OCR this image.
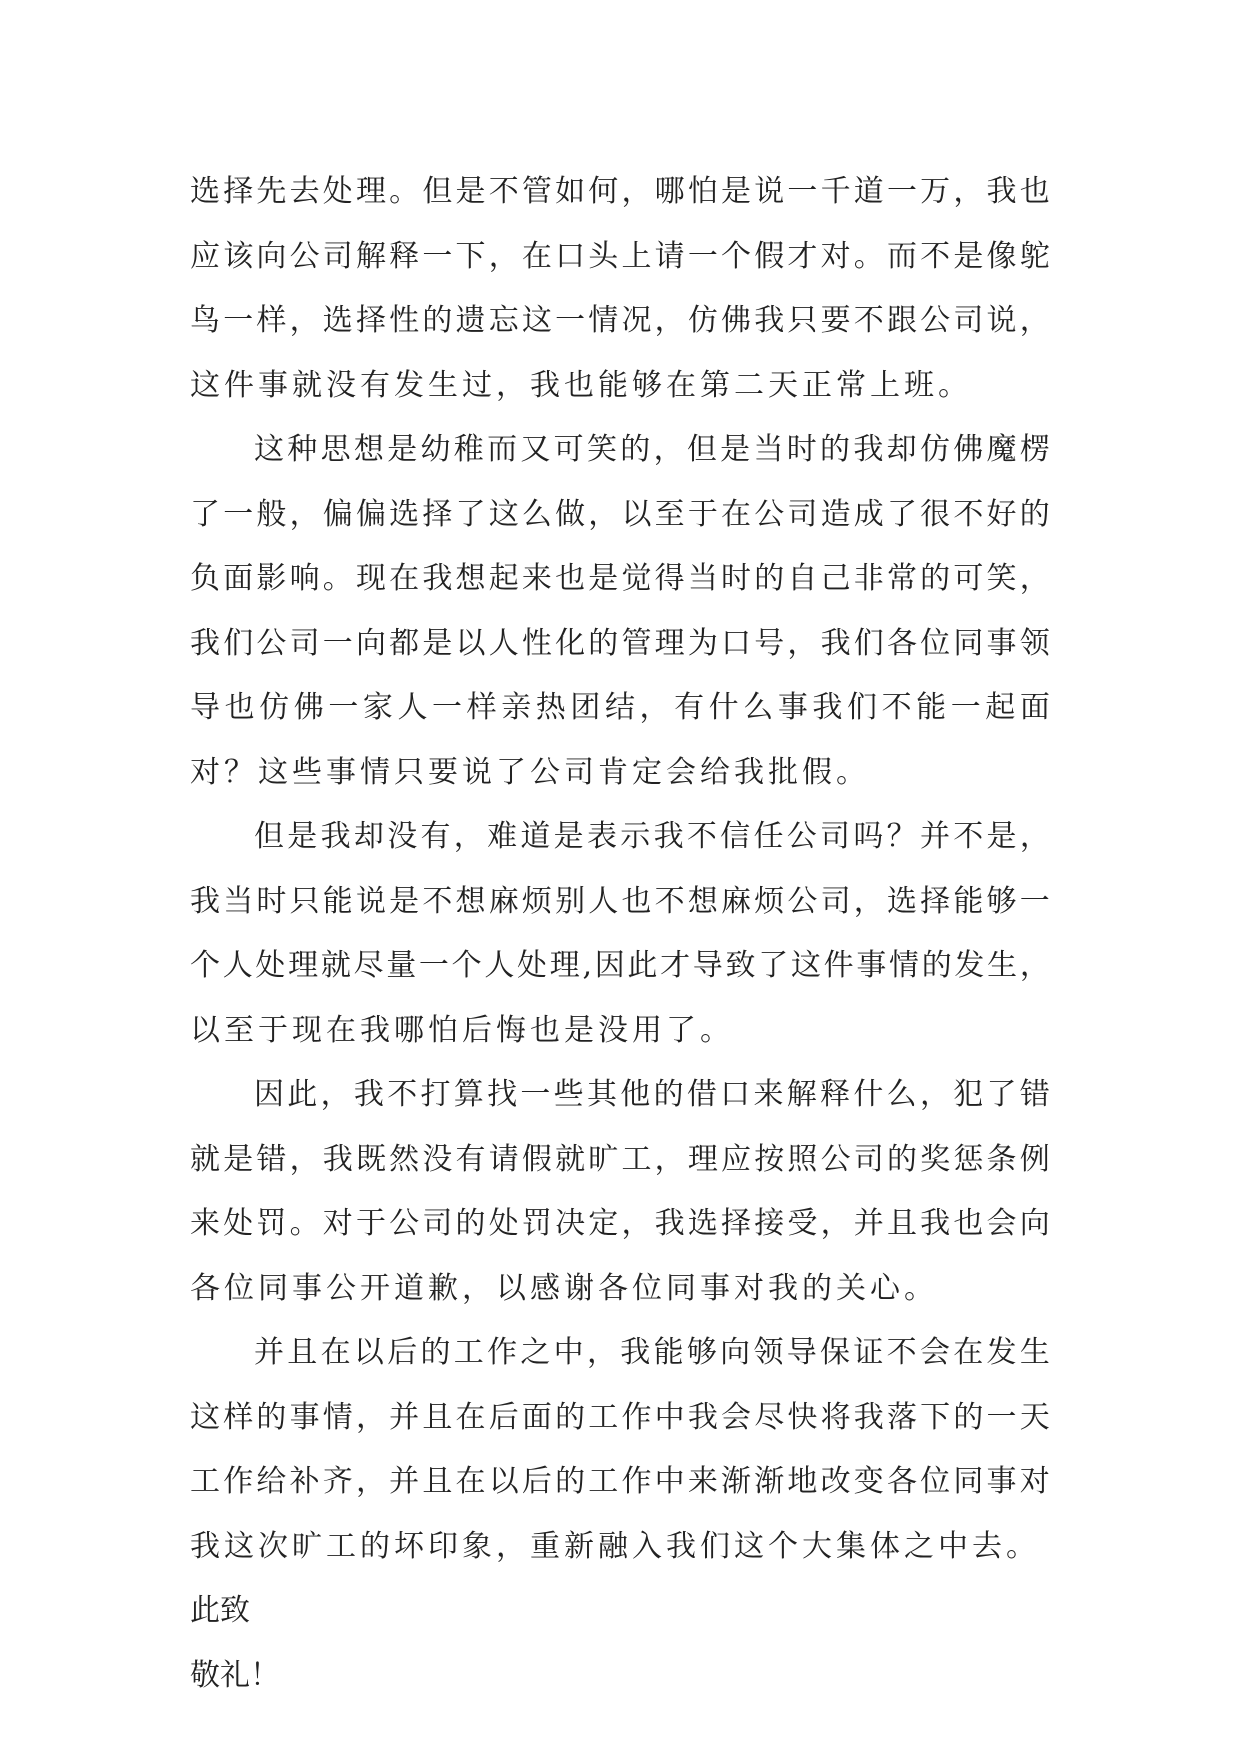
选 择 先 去 处 理 。 但 是 不 管 如 何 ， 哪 怕 是 说 一 千 道 一 万 ， 我 也
应 该 向 公 司 解 释 一 下 ， 在 口 头 上 请 一 个 假 才 对 。 而 不 是 像 鸵
鸟 一 样 ， 选 择 性 的 遗 忘 这 一 情 况 ， 仿 佛 我 只 要 不 跟 公 司 说 ，
这 件 事 就 没 有 发 生 过 ， 我 也 能 够 在 第 二 天 正 常 上 班 。
这 种 思 想 是 幼 稚 而 又 可 笑 的 ， 但 是 当 时 的 我 却 仿 佛 魔 楞
了 一 般 ， 偏 偏 选 择 了 这 么 做 ， 以 至 于 在 公 司 造 成 了 很 不 好 的
负 面 影 响 。 现 在 我 想 起 来 也 是 觉 得 当 时 的 自 己 非 常 的 可 笑 ，
我 们 公 司 一 向 都 是 以 人 性 化 的 管 理 为 口 号 ， 我 们 各 位 同 事 领
导 也 仿 佛 一 家 人 一 样 亲 热 团 结 ， 有 什 么 事 我 们 不 能 一 起 面
对 ？ 这 些 事 情 只 要 说 了 公 司 肯 定 会 给 我 批 假 。
但 是 我 却 没 有 ， 难 道 是 表 示 我 不 信 任 公 司 吗 ？ 并 不 是 ，
我 当 时 只 能 说 是 不 想 麻 烦 别 人 也 不 想 麻 烦 公 司 ， 选 择 能 够 一
个 人 处 理 就 尽 量 一 个 人 处 理 , 因 此 才 导 致 了 这 件 事 情 的 发 生 ，
以 至 于 现 在 我 哪 怕 后 悔 也 是 没 用 了 。
因 此 ， 我 不 打 算 找 一 些 其 他 的 借 口 来 解 释 什 么 ， 犯 了 错
就 是 错 ， 我 既 然 没 有 请 假 就 旷 工 ， 理 应 按 照 公 司 的 奖 惩 条 例
来 处 罚 。 对 于 公 司 的 处 罚 决 定 ， 我 选 择 接 受 ， 并 且 我 也 会 向
各 位 同 事 公 开 道 歉 ， 以 感 谢 各 位 同 事 对 我 的 关 心 。
并 且 在 以 后 的 工 作 之 中 ， 我 能 够 向 领 导 保 证 不 会 在 发 生
这 样 的 事 情 ， 并 且 在 后 面 的 工 作 中 我 会 尽 快 将 我 落 下 的 一 天
工 作 给 补 齐 ， 并 且 在 以 后 的 工 作 中 来 渐 渐 地 改 变 各 位 同 事 对
我 这 次 旷 工 的 坏 印 象 ， 重 新 融 入 我 们 这 个 大 集 体 之 中 去 。
此致
敬礼！
